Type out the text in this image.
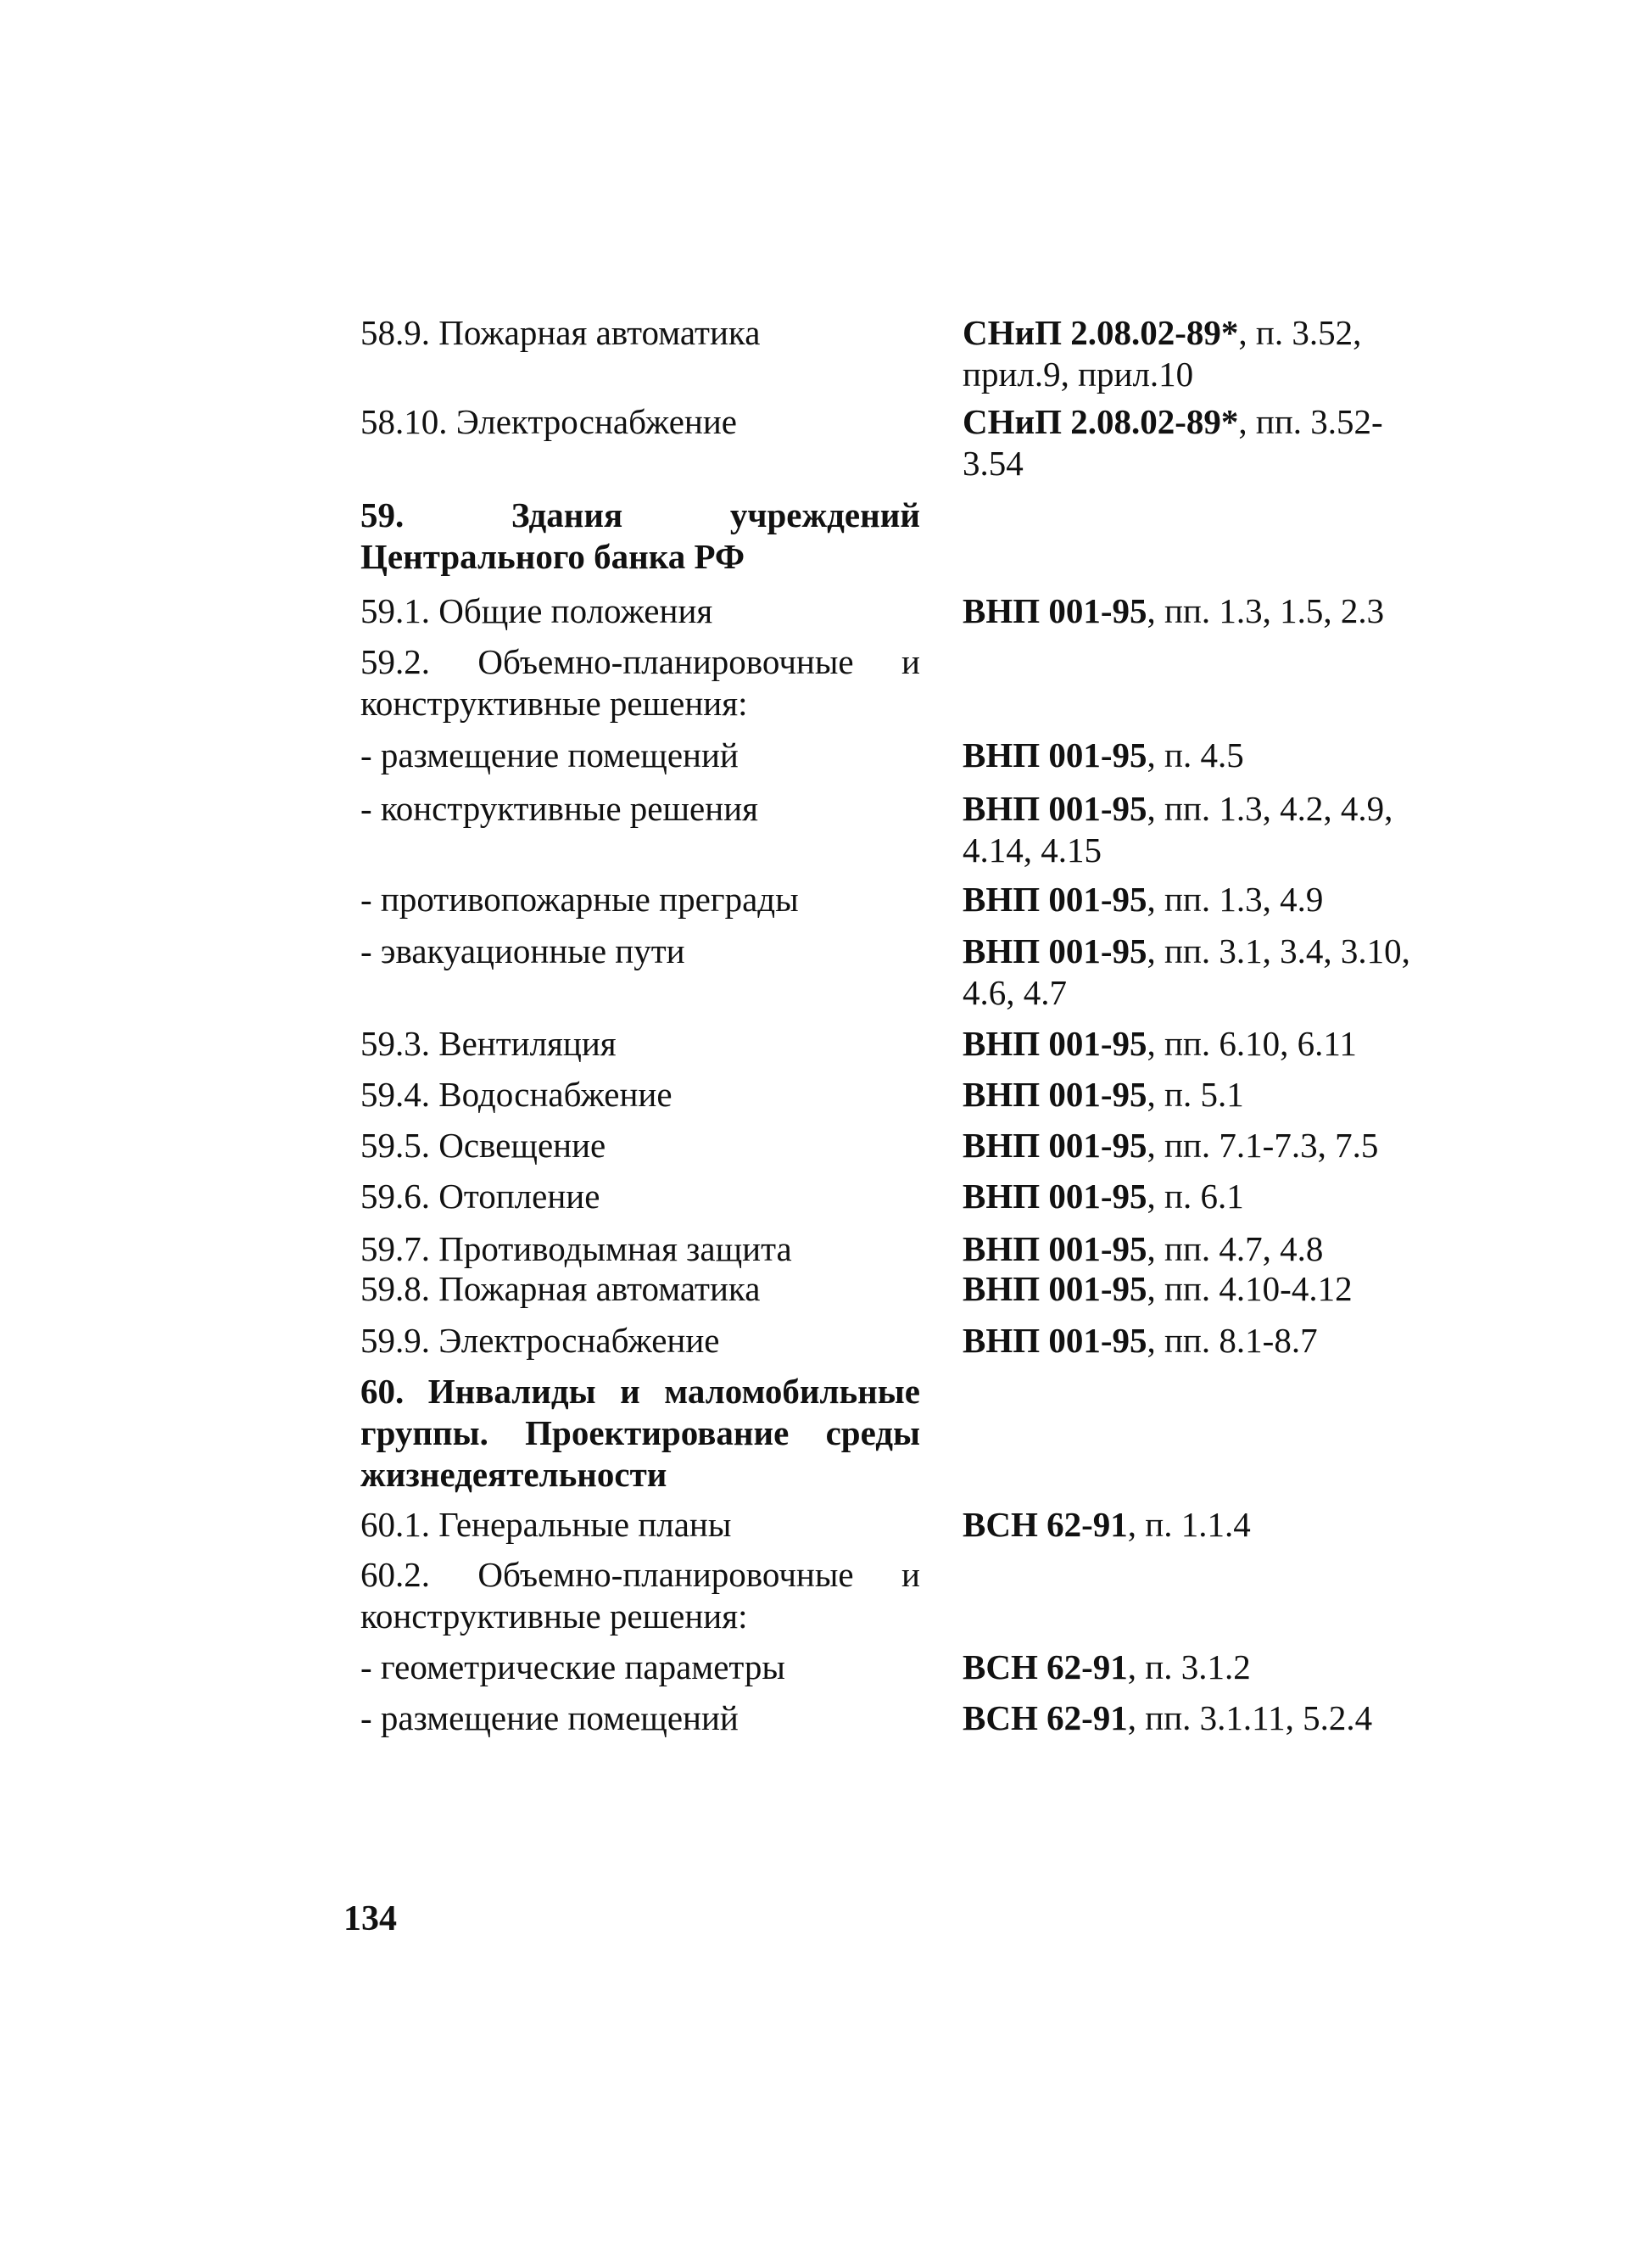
58.9. Пожарная автоматика	СНиП 2.08.02-89*, п. 3.52, прил.9, прил.10
58.10. Электроснабжение	СНиП 2.08.02-89*, пп. 3.52-3.54
59. Здания учреждений Центрального банка РФ
59.1. Общие положения	ВНП 001-95, пп. 1.3, 1.5, 2.3
59.2. Объемно-планировочные и конструктивные решения:
- размещение помещений	ВНП 001-95, п. 4.5
- конструктивные решения	ВНП 001-95, пп. 1.3, 4.2, 4.9, 4.14, 4.15
- противопожарные преграды	ВНП 001-95, пп. 1.3, 4.9
- эвакуационные пути	ВНП 001-95, пп. 3.1, 3.4, 3.10, 4.6, 4.7
59.3. Вентиляция	ВНП 001-95, пп. 6.10, 6.11
59.4. Водоснабжение	ВНП 001-95, п. 5.1
59.5. Освещение	ВНП 001-95, пп. 7.1-7.3, 7.5
59.6. Отопление	ВНП 001-95, п. 6.1
59.7. Противодымная защита	ВНП 001-95, пп. 4.7, 4.8
59.8. Пожарная автоматика	ВНП 001-95, пп. 4.10-4.12
59.9. Электроснабжение	ВНП 001-95, пп. 8.1-8.7
60. Инвалиды и маломобильные группы. Проектирование среды жизнедеятельности
60.1. Генеральные планы	ВСН 62-91, п. 1.1.4
60.2. Объемно-планировочные и конструктивные решения:
- геометрические параметры	ВСН 62-91, п. 3.1.2
- размещение помещений	ВСН 62-91, пп. 3.1.11, 5.2.4
134
